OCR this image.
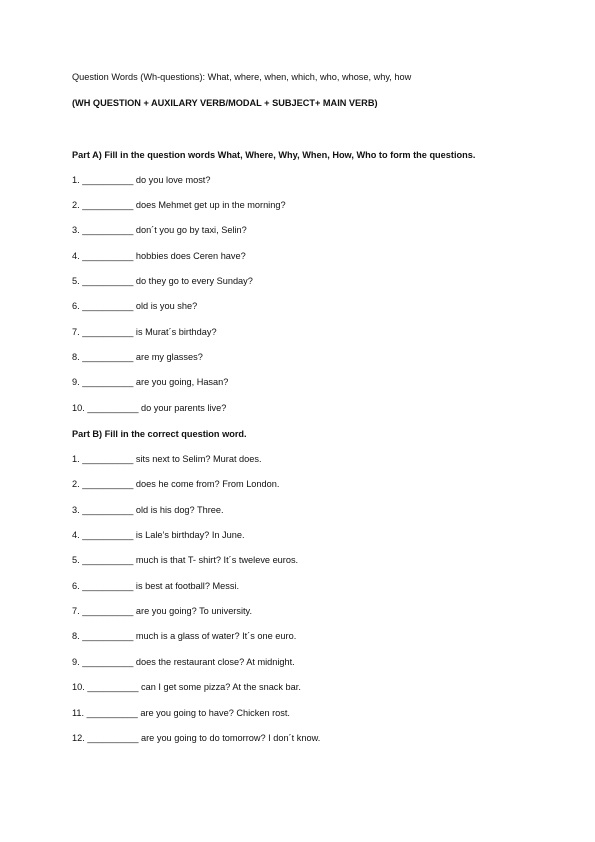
Question Words (Wh-questions): What, where, when, which, who, whose, why, how
(WH QUESTION + AUXILARY VERB/MODAL + SUBJECT+ MAIN VERB)
Part A) Fill in the question words What, Where, Why, When, How, Who to form the questions.
1. __________ do you love most?
2. __________ does Mehmet get up in the morning?
3. __________ don´t you go by taxi, Selin?
4. __________ hobbies does Ceren have?
5. __________ do they go to every Sunday?
6. __________ old is you she?
7. __________ is Murat´s birthday?
8. __________ are my glasses?
9. __________ are you going, Hasan?
10. __________ do your parents live?
Part B) Fill in the correct question word.
1. __________ sits next to Selim? Murat does.
2. __________ does he come from? From London.
3. __________ old is his dog? Three.
4. __________ is Lale’s birthday? In June.
5. __________ much is that T- shirt? It´s tweleve euros.
6. __________ is best at football? Messi.
7. __________ are you going? To university.
8. __________ much is a glass of water? It´s one euro.
9. __________ does the restaurant close? At midnight.
10. __________ can I get some pizza? At the snack bar.
11. __________ are you going to have? Chicken rost.
12. __________ are you going to do tomorrow? I don´t know.
